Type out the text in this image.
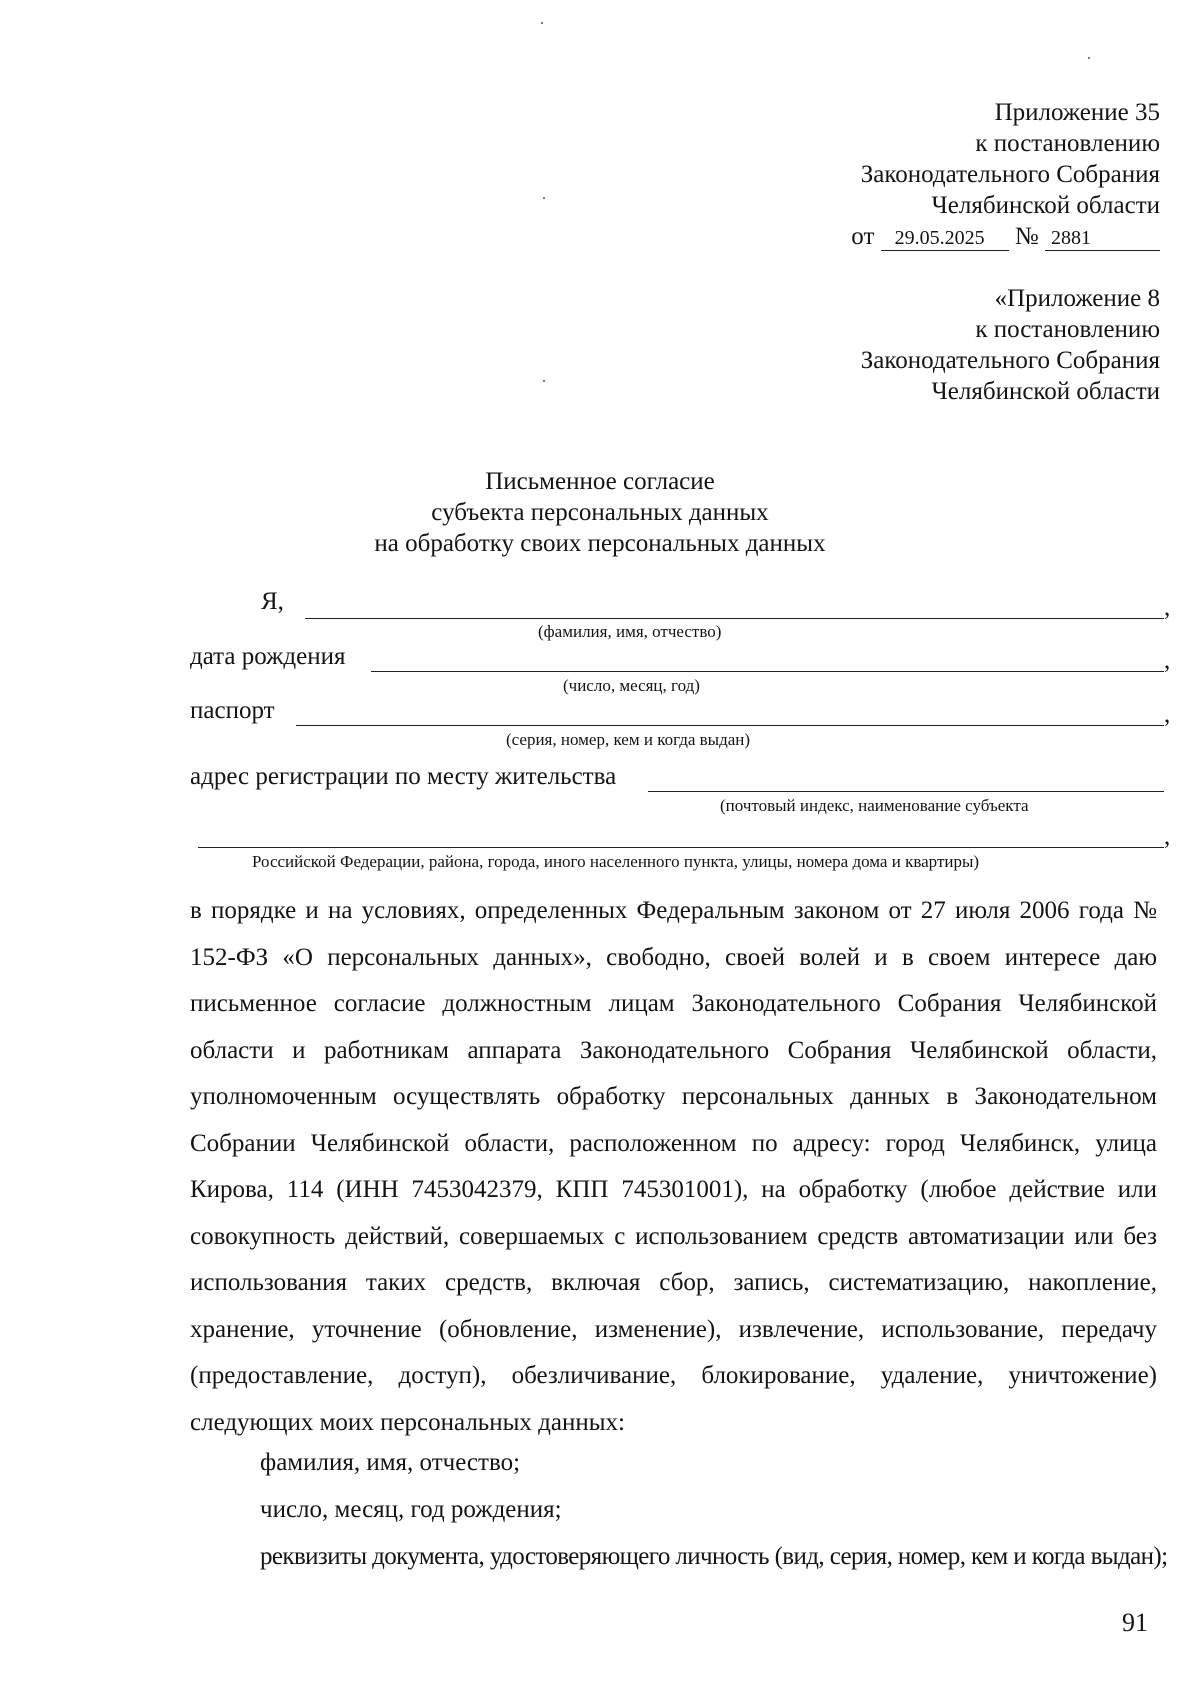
Приложение 35
к постановлению
Законодательного Собрания
Челябинской области
от 29.05.2025 № 2881
«Приложение 8
к постановлению
Законодательного Собрания
Челябинской области
Письменное согласие
субъекта персональных данных
на обработку своих персональных данных
Я,	,
(фамилия, имя, отчество)
дата рождения	,
(число, месяц, год)
паспорт	,
(серия, номер, кем и когда выдан)
адрес регистрации по месту жительства
(почтовый индекс, наименование субъекта
,
Российской Федерации, района, города, иного населенного пункта, улицы, номера дома и квартиры)

в порядке и на условиях, определенных Федеральным законом от 27 июля 2006 года № 152-ФЗ «О персональных данных», свободно, своей волей и в своем интересе даю письменное согласие должностным лицам Законодательного Собрания Челябинской области и работникам аппарата Законодательного Собрания Челябинской области, уполномоченным осуществлять обработку персональных данных в Законодательном Собрании Челябинской области, расположенном по адресу: город Челябинск, улица Кирова, 114 (ИНН 7453042379, КПП 745301001), на обработку (любое действие или совокупность действий, совершаемых с использованием средств автоматизации или без использования таких средств, включая сбор, запись, систематизацию, накопление, хранение, уточнение (обновление, изменение), извлечение, использование, передачу (предоставление, доступ), обезличивание, блокирование, удаление, уничтожение) следующих моих персональных данных:

фамилия, имя, отчество;
число, месяц, год рождения;
реквизиты документа, удостоверяющего личность (вид, серия, номер, кем и когда выдан);
91
